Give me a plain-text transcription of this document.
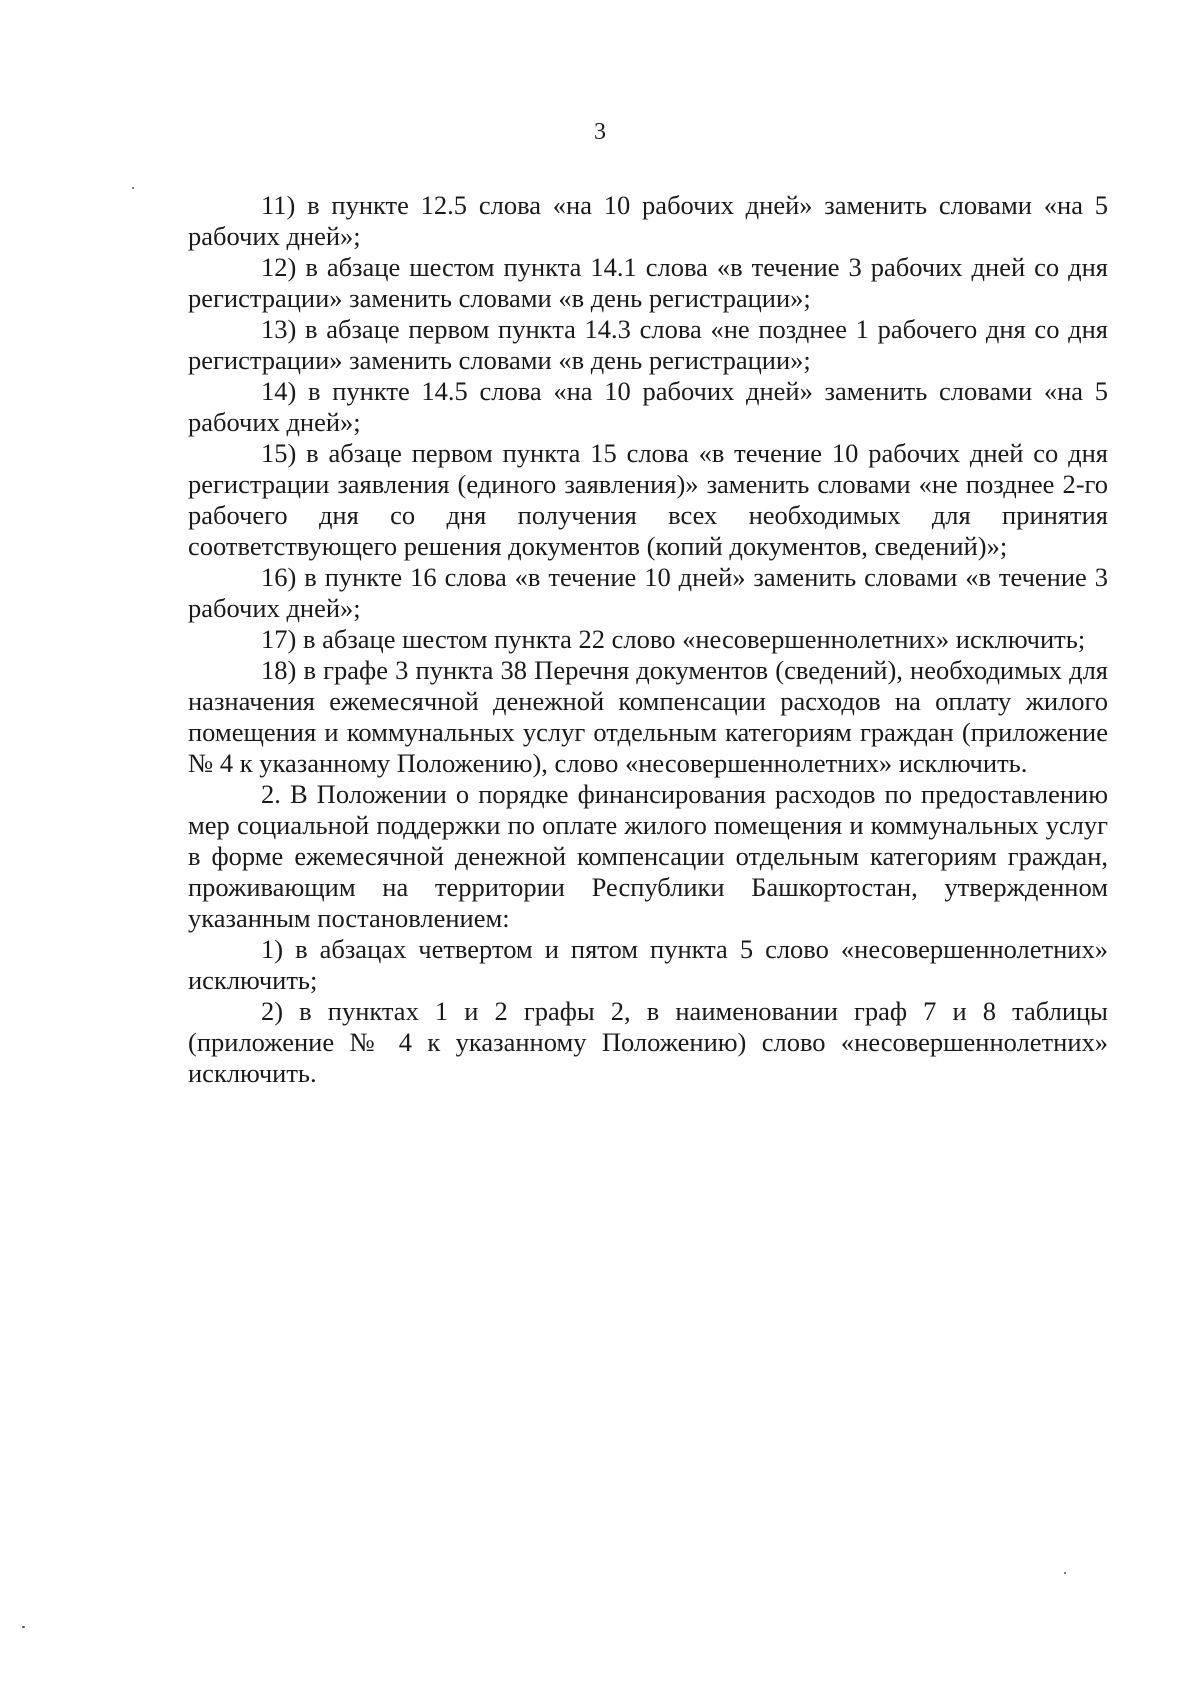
3

11) в пункте 12.5 слова «на 10 рабочих дней» заменить словами «на 5 рабочих дней»;

12) в абзаце шестом пункта 14.1 слова «в течение 3 рабочих дней со дня регистрации» заменить словами «в день регистрации»;

13) в абзаце первом пункта 14.3 слова «не позднее 1 рабочего дня со дня регистрации» заменить словами «в день регистрации»;

14) в пункте 14.5 слова «на 10 рабочих дней» заменить словами «на 5 рабочих дней»;

15) в абзаце первом пункта 15 слова «в течение 10 рабочих дней со дня регистрации заявления (единого заявления)» заменить словами «не позднее 2-го рабочего дня со дня получения всех необходимых для принятия соответствующего решения документов (копий документов, сведений)»;

16) в пункте 16 слова «в течение 10 дней» заменить словами «в течение 3 рабочих дней»;

17) в абзаце шестом пункта 22 слово «несовершеннолетних» исключить;

18) в графе 3 пункта 38 Перечня документов (сведений), необходимых для назначения ежемесячной денежной компенсации расходов на оплату жилого помещения и коммунальных услуг отдельным категориям граждан (приложение № 4 к указанному Положению), слово «несовершеннолетних» исключить.

2. В Положении о порядке финансирования расходов по предоставлению мер социальной поддержки по оплате жилого помещения и коммунальных услуг в форме ежемесячной денежной компенсации отдельным категориям граждан, проживающим на территории Республики Башкортостан, утвержденном указанным постановлением:

1) в абзацах четвертом и пятом пункта 5 слово «несовершеннолетних» исключить;

2) в пунктах 1 и 2 графы 2, в наименовании граф 7 и 8 таблицы (приложение № 4 к указанному Положению) слово «несовершеннолетних» исключить.
